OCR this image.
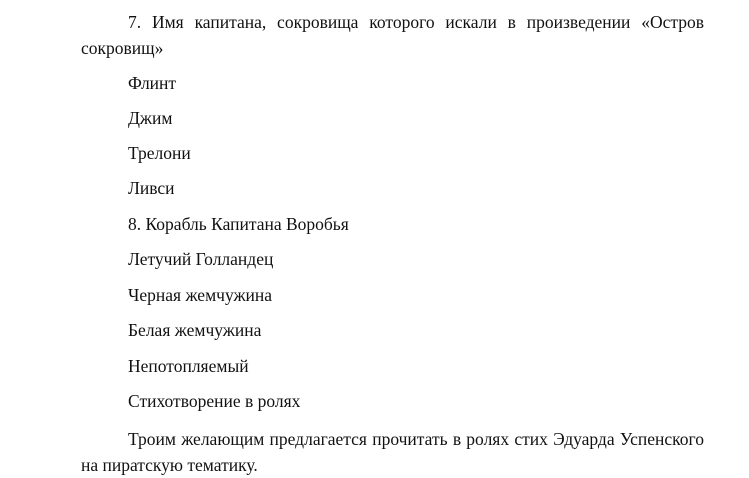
7. Имя капитана, сокровища которого искали в произведении «Остров сокровищ»

Флинт

Джим

Трелони

Ливси

8. Корабль Капитана Воробья

Летучий Голландец

Черная жемчужина

Белая жемчужина

Непотопляемый

Стихотворение в ролях

Троим желающим предлагается прочитать в ролях стих Эдуарда Успенского на пиратскую тематику.
